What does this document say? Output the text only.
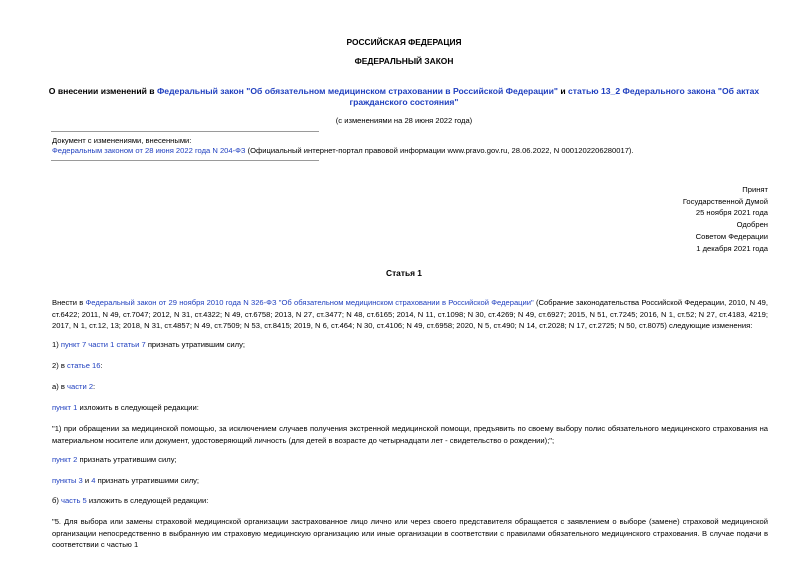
РОССИЙСКАЯ ФЕДЕРАЦИЯ
ФЕДЕРАЛЬНЫЙ ЗАКОН
О внесении изменений в Федеральный закон "Об обязательном медицинском страховании в Российской Федерации" и статью 13_2 Федерального закона "Об актах гражданского состояния"
(с изменениями на 28 июня 2022 года)
Документ с изменениями, внесенными:
Федеральным законом от 28 июня 2022 года N 204-ФЗ (Официальный интернет-портал правовой информации www.pravo.gov.ru, 28.06.2022, N 0001202206280017).
Принят
Государственной Думой
25 ноября 2021 года
Одобрен
Советом Федерации
1 декабря 2021 года
Статья 1
Внести в Федеральный закон от 29 ноября 2010 года N 326-ФЗ "Об обязательном медицинском страховании в Российской Федерации" (Собрание законодательства Российской Федерации, 2010, N 49, ст.6422; 2011, N 49, ст.7047; 2012, N 31, ст.4322; N 49, ст.6758; 2013, N 27, ст.3477; N 48, ст.6165; 2014, N 11, ст.1098; N 30, ст.4269; N 49, ст.6927; 2015, N 51, ст.7245; 2016, N 1, ст.52; N 27, ст.4183, 4219; 2017, N 1, ст.12, 13; 2018, N 31, ст.4857; N 49, ст.7509; N 53, ст.8415; 2019, N 6, ст.464; N 30, ст.4106; N 49, ст.6958; 2020, N 5, ст.490; N 14, ст.2028; N 17, ст.2725; N 50, ст.8075) следующие изменения:
1) пункт 7 части 1 статьи 7 признать утратившим силу;
2) в статье 16:
а) в части 2:
пункт 1 изложить в следующей редакции:
"1) при обращении за медицинской помощью, за исключением случаев получения экстренной медицинской помощи, предъявить по своему выбору полис обязательного медицинского страхования на материальном носителе или документ, удостоверяющий личность (для детей в возрасте до четырнадцати лет - свидетельство о рождении);";
пункт 2 признать утратившим силу;
пункты 3 и 4 признать утратившими силу;
б) часть 5 изложить в следующей редакции:
"5. Для выбора или замены страховой медицинской организации застрахованное лицо лично или через своего представителя обращается с заявлением о выборе (замене) страховой медицинской организации непосредственно в выбранную им страховую медицинскую организацию или иные организации в соответствии с правилами обязательного медицинского страхования. В случае подачи в соответствии с частью 1
